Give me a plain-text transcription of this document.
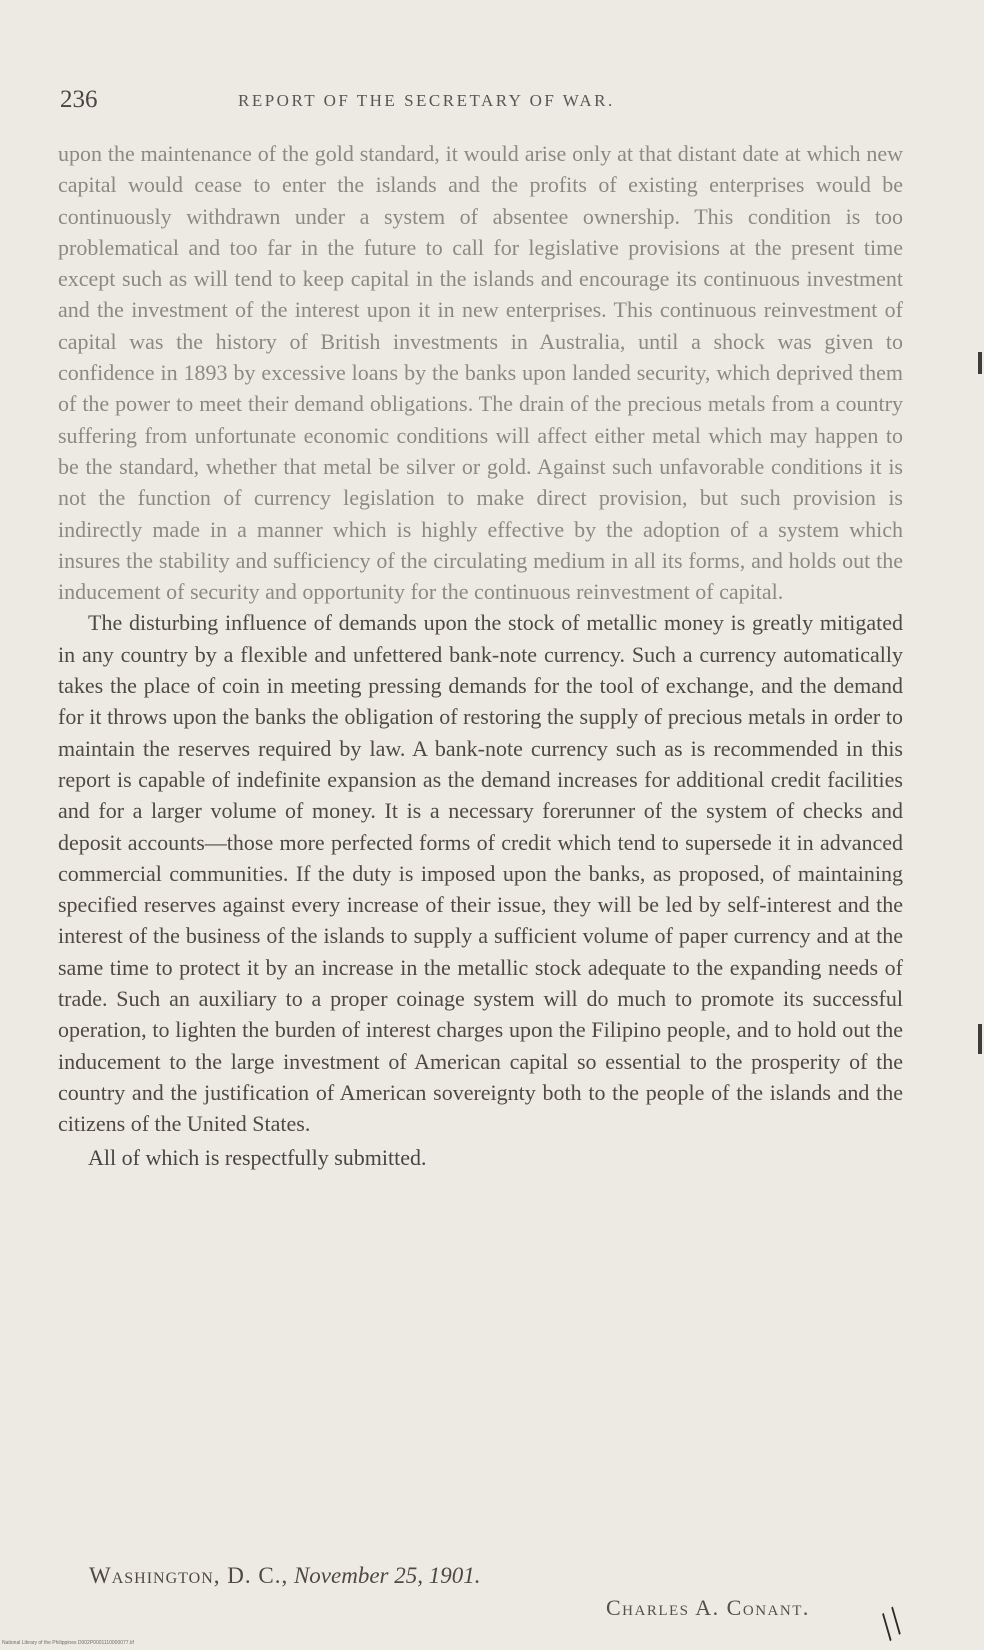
236	REPORT OF THE SECRETARY OF WAR.

upon the maintenance of the gold standard, it would arise only at that distant date at which new capital would cease to enter the islands and the profits of existing enterprises would be continuously withdrawn under a system of absentee ownership. This condition is too problematical and too far in the future to call for legislative provisions at the present time except such as will tend to keep capital in the islands and encourage its continuous investment and the investment of the interest upon it in new enterprises. This continuous reinvestment of capital was the history of British investments in Australia, until a shock was given to confidence in 1893 by excessive loans by the banks upon landed security, which deprived them of the power to meet their demand obligations. The drain of the precious metals from a country suffering from unfortunate economic conditions will affect either metal which may happen to be the standard, whether that metal be silver or gold. Against such unfavorable conditions it is not the function of currency legislation to make direct provision, but such provision is indirectly made in a manner which is highly effective by the adoption of a system which insures the stability and sufficiency of the circulating medium in all its forms, and holds out the inducement of security and opportunity for the continuous reinvestment of capital.

The disturbing influence of demands upon the stock of metallic money is greatly mitigated in any country by a flexible and unfettered bank-note currency. Such a currency automatically takes the place of coin in meeting pressing demands for the tool of exchange, and the demand for it throws upon the banks the obligation of restoring the supply of precious metals in order to maintain the reserves required by law. A bank-note currency such as is recommended in this report is capable of indefinite expansion as the demand increases for additional credit facilities and for a larger volume of money. It is a necessary forerunner of the system of checks and deposit accounts—those more perfected forms of credit which tend to supersede it in advanced commercial communities. If the duty is imposed upon the banks, as proposed, of maintaining specified reserves against every increase of their issue, they will be led by self-interest and the interest of the business of the islands to supply a sufficient volume of paper currency and at the same time to protect it by an increase in the metallic stock adequate to the expanding needs of trade. Such an auxiliary to a proper coinage system will do much to promote its successful operation, to lighten the burden of interest charges upon the Filipino people, and to hold out the inducement to the large investment of American capital so essential to the prosperity of the country and the justification of American sovereignty both to the people of the islands and the citizens of the United States.

All of which is respectfully submitted.

Charles A. Conant.
Washington, D. C., November 25, 1901.
//
National Library of the Philippines D002P0001110000077.tif
